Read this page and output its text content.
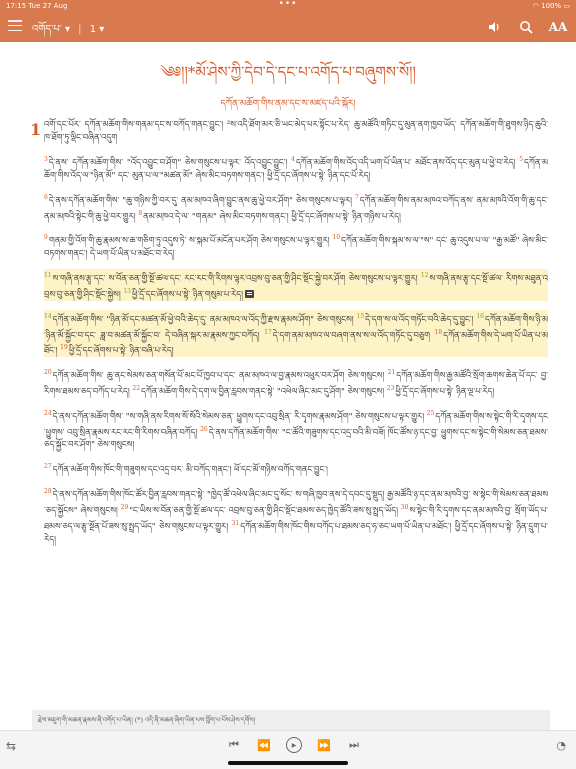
17:15 Tue 27 Aug	•••	◠ 100% ▭
འགོད་པ་ ▾ | 1 ▾	AA
༄༅།།*མོ་ཤེས་ཀྱི་དེབ་དེ་དང་པ་འགོད་པ་བཞུགས་སོ།།
དཀོན་མཆོག་གིས་ནམ་དང་ས་མཛད་པའི་སྐོར།
1 འགོ་དང་པོར་ དཀོན་མཆོག་གིས་གནམ་དང་ས་བཀོད་གནང་བྱུང་། ²ས་འདི་ཐོག་མར་ཅི་ཡང་མེད་པར་སྟོང་པ་རེད་ ཆུ་མཚོའི་གཏིང་དུ་མུན་ནག་ཁྱབ་ཡོད་ དཀོན་མཆོག་གི་ཐུགས་ཉིད་ཆུའི་ཁ་ཐོག་ཏུ་ལྡིང་བཞིན་འདུག

$^3$དེ་ནས་ དཀོན་མཆོག་གིས་ "འོད་འབྱུང་བ་ཤོག" ཅེས་གསུངས་པ་ལྟར་ འོད་འབྱུང་བྱུང་། $^4$དཀོན་མཆོག་གིས་འོད་འདི་ཡག་པོ་ཡིན་པ་ མཐོང་ནས་འོད་དང་མུན་པ་ཕྱེ་བ་རེད། $^5$དཀོན་མཆོག་གིས་འོད་ལ་"ཉིན་མོ" དང་ མུན་པ་ལ་"མཚན་མོ" ཞེས་མིང་བཏགས་གནང་། ཕྱི་དྲོ་དང་ཞོགས་པ་སྟེ་ ཉིན་དང་པོ་རེད།

$^6$དེ་ནས་དཀོན་མཆོག་གིས་ "ཆུ་གཉིས་ཀྱི་བར་དུ་ ནམ་མཁའ་ཞིག་བྱུང་ནས་ཆུ་ཕྱེ་བར་ཤོག" ཅེས་གསུངས་པ་ལྟར། $^7$དཀོན་མཆོག་གིས་ནམ་མཁའ་བཀོད་ནས་ ནམ་མཁའི་འོག་གི་ཆུ་དང་ནམ་མཁའི་སྟེང་གི་ཆུ་ཕྱེ་བར་གྱུར། $^8$ནམ་མཁའ་དེ་ལ་ "གནམ" ཞེས་མིང་བཏགས་གནང་། ཕྱི་དྲོ་དང་ཞོགས་པ་སྟེ་ ཉིན་གཉིས་པ་རེད།

$^9$གནམ་གྱི་འོག་གི་ཆུ་རྣམས་ས་ཆ་གཅིག་ཏུ་འདུས་ཏེ་ ས་སྐམ་པོ་མངོན་པར་ཤོག ཅེས་གསུངས་པ་ལྟར་གྱུར། $^{10}$དཀོན་མཆོག་གིས་སྐམ་ས་ལ་"ས" དང་ ཆུ་འདུས་པ་ལ་ "རྒྱ་མཚོ" ཞེས་མིང་བཏགས་གནང་། དེ་ཡག་པོ་ཡིན་པ་མཐོང་བ་རེད།

$^{11}$ས་གཞི་ནས་རྩྭ་དང་ ས་བོན་ཅན་གྱི་སྔོ་ཚལ་དང་ རང་རང་གི་རིགས་ལྟར་འབྲས་བུ་ཅན་གྱི་ཤིང་སྡོང་སྐྱེ་བར་ཤོག ཅེས་གསུངས་པ་ལྟར་གྱུར། $^{12}$ས་གཞི་ནས་རྩྭ་དང་སྔོ་ཚལ་ རིགས་མཐུན་འབྲས་བུ་ཅན་གྱི་ཤིང་སྡོང་སྐྱེས། $^{13}$ཕྱི་དྲོ་དང་ཞོགས་པ་སྟེ་ ཉིན་གསུམ་པ་རེད།

$^{14}$དཀོན་མཆོག་གིས་ "ཉིན་མོ་དང་མཚན་མོ་ཕྱེ་བའི་ཆེད་དུ་ ནམ་མཁའ་ལ་འོད་ཀྱི་རྫས་རྣམས་ཤོག" ཅེས་གསུངས། $^{15}$དེ་དག་ས་ལ་འོད་གཏོང་བའི་ཆེད་དུ་བྱུང་། $^{16}$དཀོན་མཆོག་གིས་ཉི་མ་ཉིན་མོ་སྐྱོང་བ་དང་ ཟླ་བ་མཚན་མོ་སྐྱོང་བ་ དེ་བཞིན་སྐར་མ་རྣམས་ཀྱང་བཀོད། $^{17}$དེ་དག་ནམ་མཁའ་ལ་བཞག་ནས་ས་ལ་འོད་གཏོང་དུ་བཅུག $^{18}$དཀོན་མཆོག་གིས་དེ་ཡག་པོ་ཡིན་པ་མཐོང་། $^{19}$ཕྱི་དྲོ་དང་ཞོགས་པ་སྟེ་ ཉིན་བཞི་པ་རེད།

$^{20}$དཀོན་མཆོག་གིས་ ཆུ་ནང་སེམས་ཅན་གསོན་པོ་མང་པོ་ཁྱབ་པ་དང་ ནམ་མཁའ་ལ་བྱ་རྣམས་འཕུར་བར་ཤོག ཅེས་གསུངས། $^{21}$དཀོན་མཆོག་གིས་རྒྱ་མཚོའི་སྲོག་ཆགས་ཆེན་པོ་དང་ བྱ་རིགས་ཐམས་ཅད་བཀོད་པ་རེད། $^{22}$དཀོན་མཆོག་གིས་དེ་དག་ལ་བྱིན་རླབས་གནང་སྟེ་ "འཕེལ་ཞིང་མང་དུ་ཤོག" ཅེས་གསུངས། $^{23}$ཕྱི་དྲོ་དང་ཞོགས་པ་སྟེ་ ཉིན་ལྔ་པ་རེད།

$^{24}$དེ་ནས་དཀོན་མཆོག་གིས་ "ས་གཞི་ནས་རིགས་སོ་སོའི་སེམས་ཅན་ ཕྱུགས་དང་འབུ་སྲིན་ རི་དྭགས་རྣམས་ཤོག" ཅེས་གསུངས་པ་ལྟར་གྱུར། $^{25}$དཀོན་མཆོག་གིས་ས་སྟེང་གི་རི་དྭགས་དང་ཕྱུགས་ འབུ་སྲིན་རྣམས་རང་རང་གི་རིགས་བཞིན་བཀོད། $^{26}$དེ་ནས་དཀོན་མཆོག་གིས་ "ང་ཚོའི་གཟུགས་དང་འདྲ་བའི་མི་བཟོ། ཁོང་ཚོས་ཉ་དང་བྱ་ ཕྱུགས་དང་ས་སྟེང་གི་སེམས་ཅན་ཐམས་ཅད་སྐྱོང་བར་ཤོག" ཅེས་གསུངས།

$^{27}$དཀོན་མཆོག་གིས་ཁོང་གི་གཟུགས་དང་འདྲ་བར་ མི་བཀོད་གནང་། ཕོ་དང་མོ་གཉིས་བཀོད་གནང་བྱུང་།

$^{28}$དེ་ནས་དཀོན་མཆོག་གིས་ཁོང་ཚོར་བྱིན་རླབས་གནང་སྟེ་ "ཁྱེད་ཚོ་འཕེལ་ཞིང་མང་དུ་སོང་ ས་གཞི་ཁྱབ་ནས་དེ་དབང་དུ་སྡུད། རྒྱ་མཚོའི་ཉ་དང་ནམ་མཁའི་བྱ་ ས་སྟེང་གི་སེམས་ཅན་ཐམས་ཅད་སྐྱོངས" ཞེས་གསུངས། $^{29}$"ང་ཡིས་ས་བོན་ཅན་གྱི་སྔོ་ཚལ་དང་ འབྲས་བུ་ཅན་གྱི་ཤིང་སྡོང་ཐམས་ཅད་ཁྱེད་ཚོའི་ཟས་སུ་སྤྲད་ཡོད། $^{30}$ས་སྟེང་གི་རི་དྭགས་དང་ནམ་མཁའི་བྱ་ སྲོག་ཡོད་པ་ཐམས་ཅད་ལ་རྩྭ་སྔོན་པོ་ཟས་སུ་སྤྲད་ཡོད" ཅེས་གསུངས་པ་ལྟར་གྱུར། $^{31}$དཀོན་མཆོག་གིས་ཁོང་གིས་བཀོད་པ་ཐམས་ཅད་ཧ་ཅང་ཡག་པོ་ཡིན་པ་མཐོང་། ཕྱི་དྲོ་དང་ཞོགས་པ་སྟེ་ ཉིན་དྲུག་པ་རེད།

རྗེས་མཇུག་གི་མཆན་རྣམས་ནི་འགོད་པ་ཡིན། (*) འདི་ནི་མཆན་ཞིག་ཡིན་པས་ཀློག་པ་པོས་ཤེས་དགོས།
⇆	⏮ ⏪	▶	⏩ ⏭	◔
